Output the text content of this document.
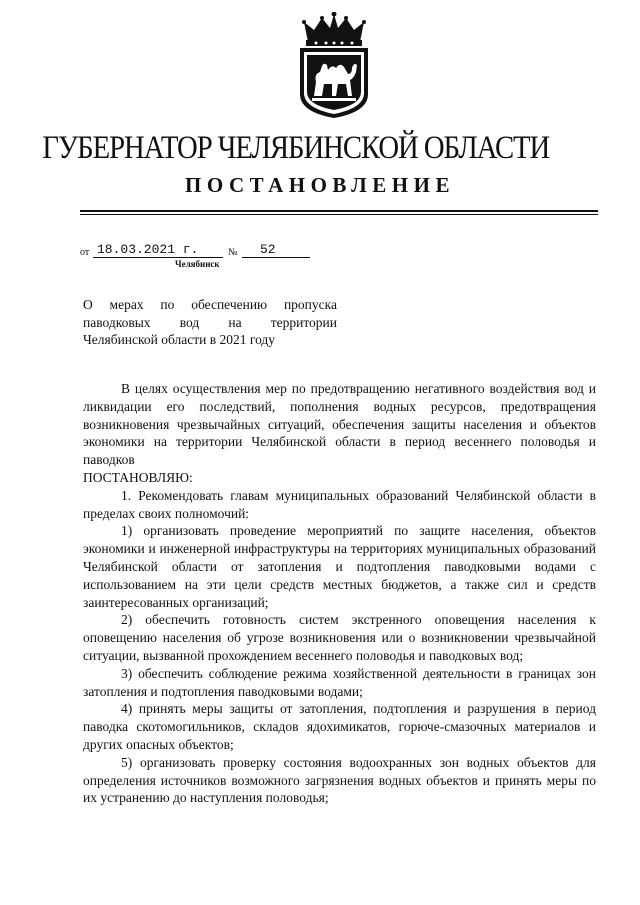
ГУБЕРНАТОР ЧЕЛЯБИНСКОЙ ОБЛАСТИ
ПОСТАНОВЛЕНИЕ
от 18.03.2021 г.	№ 52
Челябинск
О мерах по обеспечению пропуска
паводковых вод на территории
Челябинской области в 2021 году
В целях осуществления мер по предотвращению негативного воздействия вод и ликвидации его последствий, пополнения водных ресурсов, предотвращения возникновения чрезвычайных ситуаций, обеспечения защиты населения и объектов экономики на территории Челябинской области в период весеннего половодья и паводков
ПОСТАНОВЛЯЮ:
1. Рекомендовать главам муниципальных образований Челябинской области в пределах своих полномочий:
1) организовать проведение мероприятий по защите населения, объектов экономики и инженерной инфраструктуры на территориях муниципальных образований Челябинской области от затопления и подтопления паводковыми водами с использованием на эти цели средств местных бюджетов, а также сил и средств заинтересованных организаций;
2) обеспечить готовность систем экстренного оповещения населения к оповещению населения об угрозе возникновения или о возникновении чрезвычайной ситуации, вызванной прохождением весеннего половодья и паводковых вод;
3) обеспечить соблюдение режима хозяйственной деятельности в границах зон затопления и подтопления паводковыми водами;
4) принять меры защиты от затопления, подтопления и разрушения в период паводка скотомогильников, складов ядохимикатов, горюче-смазочных материалов и других опасных объектов;
5) организовать проверку состояния водоохранных зон водных объектов для определения источников возможного загрязнения водных объектов и принять меры по их устранению до наступления половодья;
